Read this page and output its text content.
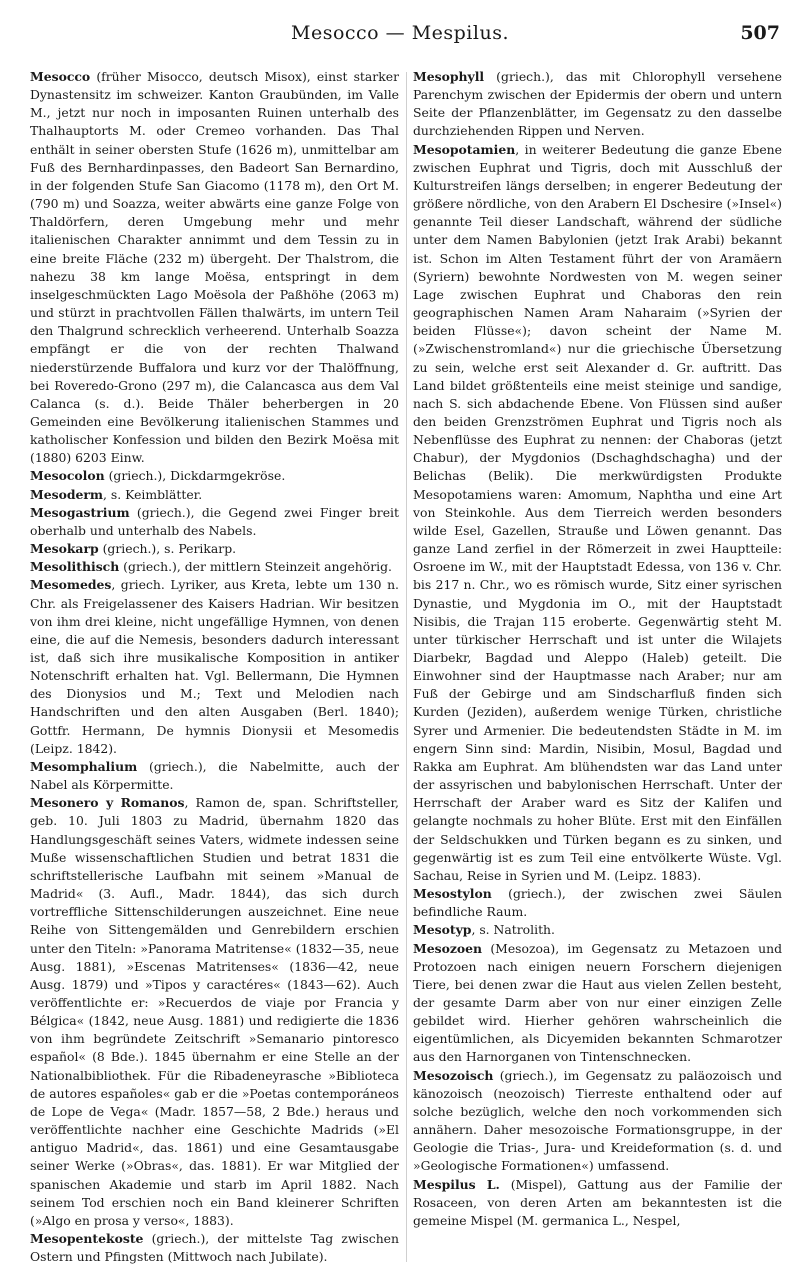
Mesocco — Mespilus.	507

Mesocco (früher Misocco, deutsch Misox), einst starker Dynastensitz im schweizer. Kanton Graubünden, im Valle M., jetzt nur noch in imposanten Ruinen unterhalb des Thalhauptorts M. oder Cremeo vorhanden. Das Thal enthält in seiner obersten Stufe (1626 m), unmittelbar am Fuß des Bernhardinpasses, den Badeort San Bernardino, in der folgenden Stufe San Giacomo (1178 m), den Ort M. (790 m) und Soazza, weiter abwärts eine ganze Folge von Thaldörfern, deren Umgebung mehr und mehr italienischen Charakter annimmt und dem Tessin zu in eine breite Fläche (232 m) übergeht. Der Thalstrom, die nahezu 38 km lange Moësa, entspringt in dem inselgeschmückten Lago Moësola der Paßhöhe (2063 m) und stürzt in prachtvollen Fällen thalwärts, im untern Teil den Thalgrund schrecklich verheerend. Unterhalb Soazza empfängt er die von der rechten Thalwand niederstürzende Buffalora und kurz vor der Thalöffnung, bei Roveredo-Grono (297 m), die Calancasca aus dem Val Calanca (s. d.). Beide Thäler beherbergen in 20 Gemeinden eine Bevölkerung italienischen Stammes und katholischer Konfession und bilden den Bezirk Moësa mit (1880) 6203 Einw.

Mesocolon (griech.), Dickdarmgekröse.

Mesoderm, s. Keimblätter.

Mesogastrium (griech.), die Gegend zwei Finger breit oberhalb und unterhalb des Nabels.

Mesokarp (griech.), s. Perikarp.

Mesolithisch (griech.), der mittlern Steinzeit angehörig.

Mesomedes, griech. Lyriker, aus Kreta, lebte um 130 n. Chr. als Freigelassener des Kaisers Hadrian. Wir besitzen von ihm drei kleine, nicht ungefällige Hymnen, von denen eine, die auf die Nemesis, besonders dadurch interessant ist, daß sich ihre musikalische Komposition in antiker Notenschrift erhalten hat. Vgl. Bellermann, Die Hymnen des Dionysios und M.; Text und Melodien nach Handschriften und den alten Ausgaben (Berl. 1840); Gottfr. Hermann, De hymnis Dionysii et Mesomedis (Leipz. 1842).

Mesomphalium (griech.), die Nabelmitte, auch der Nabel als Körpermitte.

Mesonero y Romanos, Ramon de, span. Schriftsteller, geb. 10. Juli 1803 zu Madrid, übernahm 1820 das Handlungsgeschäft seines Vaters, widmete indessen seine Muße wissenschaftlichen Studien und betrat 1831 die schriftstellerische Laufbahn mit seinem »Manual de Madrid« (3. Aufl., Madr. 1844), das sich durch vortreffliche Sittenschilderungen auszeichnet. Eine neue Reihe von Sittengemälden und Genrebildern erschien unter den Titeln: »Panorama Matritense« (1832—35, neue Ausg. 1881), »Escenas Matritenses« (1836—42, neue Ausg. 1879) und »Tipos y caractéres« (1843—62). Auch veröffentlichte er: »Recuerdos de viaje por Francia y Bélgica« (1842, neue Ausg. 1881) und redigierte die 1836 von ihm begründete Zeitschrift »Semanario pintoresco español« (8 Bde.). 1845 übernahm er eine Stelle an der Nationalbibliothek. Für die Ribadeneyrasche »Biblioteca de autores españoles« gab er die »Poetas contemporáneos de Lope de Vega« (Madr. 1857—58, 2 Bde.) heraus und veröffentlichte nachher eine Geschichte Madrids (»El antiguo Madrid«, das. 1861) und eine Gesamtausgabe seiner Werke (»Obras«, das. 1881). Er war Mitglied der spanischen Akademie und starb im April 1882. Nach seinem Tod erschien noch ein Band kleinerer Schriften (»Algo en prosa y verso«, 1883).

Mesopentekoste (griech.), der mittelste Tag zwischen Ostern und Pfingsten (Mittwoch nach Jubilate).

Mesophyll (griech.), das mit Chlorophyll versehene Parenchym zwischen der Epidermis der obern und untern Seite der Pflanzenblätter, im Gegensatz zu den dasselbe durchziehenden Rippen und Nerven.

Mesopotamien, in weiterer Bedeutung die ganze Ebene zwischen Euphrat und Tigris, doch mit Ausschluß der Kulturstreifen längs derselben; in engerer Bedeutung der größere nördliche, von den Arabern El Dschesire (»Insel«) genannte Teil dieser Landschaft, während der südliche unter dem Namen Babylonien (jetzt Irak Arabi) bekannt ist. Schon im Alten Testament führt der von Aramäern (Syriern) bewohnte Nordwesten von M. wegen seiner Lage zwischen Euphrat und Chaboras den rein geographischen Namen Aram Naharaim (»Syrien der beiden Flüsse«); davon scheint der Name M. (»Zwischenstromland«) nur die griechische Übersetzung zu sein, welche erst seit Alexander d. Gr. auftritt. Das Land bildet größtenteils eine meist steinige und sandige, nach S. sich abdachende Ebene. Von Flüssen sind außer den beiden Grenzströmen Euphrat und Tigris noch als Nebenflüsse des Euphrat zu nennen: der Chaboras (jetzt Chabur), der Mygdonios (Dschaghdschagha) und der Belichas (Belik). Die merkwürdigsten Produkte Mesopotamiens waren: Amomum, Naphtha und eine Art von Steinkohle. Aus dem Tierreich werden besonders wilde Esel, Gazellen, Strauße und Löwen genannt. Das ganze Land zerfiel in der Römerzeit in zwei Hauptteile: Osroene im W., mit der Hauptstadt Edessa, von 136 v. Chr. bis 217 n. Chr., wo es römisch wurde, Sitz einer syrischen Dynastie, und Mygdonia im O., mit der Hauptstadt Nisibis, die Trajan 115 eroberte. Gegenwärtig steht M. unter türkischer Herrschaft und ist unter die Wilajets Diarbekr, Bagdad und Aleppo (Haleb) geteilt. Die Einwohner sind der Hauptmasse nach Araber; nur am Fuß der Gebirge und am Sindscharfluß finden sich Kurden (Jeziden), außerdem wenige Türken, christliche Syrer und Armenier. Die bedeutendsten Städte in M. im engern Sinn sind: Mardin, Nisibin, Mosul, Bagdad und Rakka am Euphrat. Am blühendsten war das Land unter der assyrischen und babylonischen Herrschaft. Unter der Herrschaft der Araber ward es Sitz der Kalifen und gelangte nochmals zu hoher Blüte. Erst mit den Einfällen der Seldschukken und Türken begann es zu sinken, und gegenwärtig ist es zum Teil eine entvölkerte Wüste. Vgl. Sachau, Reise in Syrien und M. (Leipz. 1883).

Mesostylon (griech.), der zwischen zwei Säulen befindliche Raum.

Mesotyp, s. Natrolith.

Mesozoen (Mesozoa), im Gegensatz zu Metazoen und Protozoen nach einigen neuern Forschern diejenigen Tiere, bei denen zwar die Haut aus vielen Zellen besteht, der gesamte Darm aber von nur einer einzigen Zelle gebildet wird. Hierher gehören wahrscheinlich die eigentümlichen, als Dicyemiden bekannten Schmarotzer aus den Harnorganen von Tintenschnecken.

Mesozoisch (griech.), im Gegensatz zu paläozoisch und känozoisch (neozoisch) Tierreste enthaltend oder auf solche bezüglich, welche den noch vorkommenden sich annähern. Daher mesozoische Formationsgruppe, in der Geologie die Trias-, Jura- und Kreideformation (s. d. und »Geologische Formationen«) umfassend.

Mespilus L. (Mispel), Gattung aus der Familie der Rosaceen, von deren Arten am bekanntesten ist die gemeine Mispel (M. germanica L., Nespel,
